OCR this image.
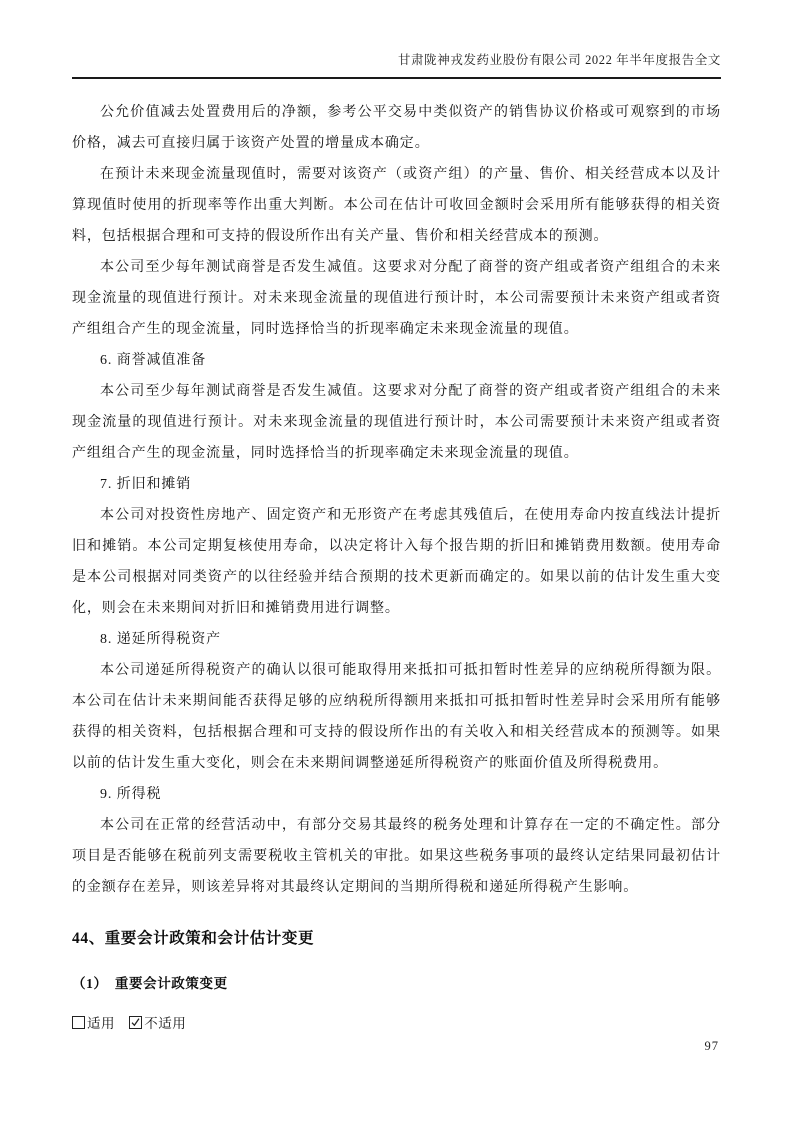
甘肃陇神戎发药业股份有限公司 2022 年半年度报告全文

公允价值减去处置费用后的净额，参考公平交易中类似资产的销售协议价格或可观察到的市场价格，减去可直接归属于该资产处置的增量成本确定。

在预计未来现金流量现值时，需要对该资产（或资产组）的产量、售价、相关经营成本以及计算现值时使用的折现率等作出重大判断。本公司在估计可收回金额时会采用所有能够获得的相关资料，包括根据合理和可支持的假设所作出有关产量、售价和相关经营成本的预测。

本公司至少每年测试商誉是否发生减值。这要求对分配了商誉的资产组或者资产组组合的未来现金流量的现值进行预计。对未来现金流量的现值进行预计时，本公司需要预计未来资产组或者资产组组合产生的现金流量，同时选择恰当的折现率确定未来现金流量的现值。

6. 商誉减值准备

本公司至少每年测试商誉是否发生减值。这要求对分配了商誉的资产组或者资产组组合的未来现金流量的现值进行预计。对未来现金流量的现值进行预计时，本公司需要预计未来资产组或者资产组组合产生的现金流量，同时选择恰当的折现率确定未来现金流量的现值。

7. 折旧和摊销

本公司对投资性房地产、固定资产和无形资产在考虑其残值后，在使用寿命内按直线法计提折旧和摊销。本公司定期复核使用寿命，以决定将计入每个报告期的折旧和摊销费用数额。使用寿命是本公司根据对同类资产的以往经验并结合预期的技术更新而确定的。如果以前的估计发生重大变化，则会在未来期间对折旧和摊销费用进行调整。

8. 递延所得税资产

本公司递延所得税资产的确认以很可能取得用来抵扣可抵扣暂时性差异的应纳税所得额为限。本公司在估计未来期间能否获得足够的应纳税所得额用来抵扣可抵扣暂时性差异时会采用所有能够获得的相关资料，包括根据合理和可支持的假设所作出的有关收入和相关经营成本的预测等。如果以前的估计发生重大变化，则会在未来期间调整递延所得税资产的账面价值及所得税费用。

9. 所得税

本公司在正常的经营活动中，有部分交易其最终的税务处理和计算存在一定的不确定性。部分项目是否能够在税前列支需要税收主管机关的审批。如果这些税务事项的最终认定结果同最初估计的金额存在差异，则该差异将对其最终认定期间的当期所得税和递延所得税产生影响。

44、重要会计政策和会计估计变更
（1）　重要会计政策变更
适用 不适用
97
